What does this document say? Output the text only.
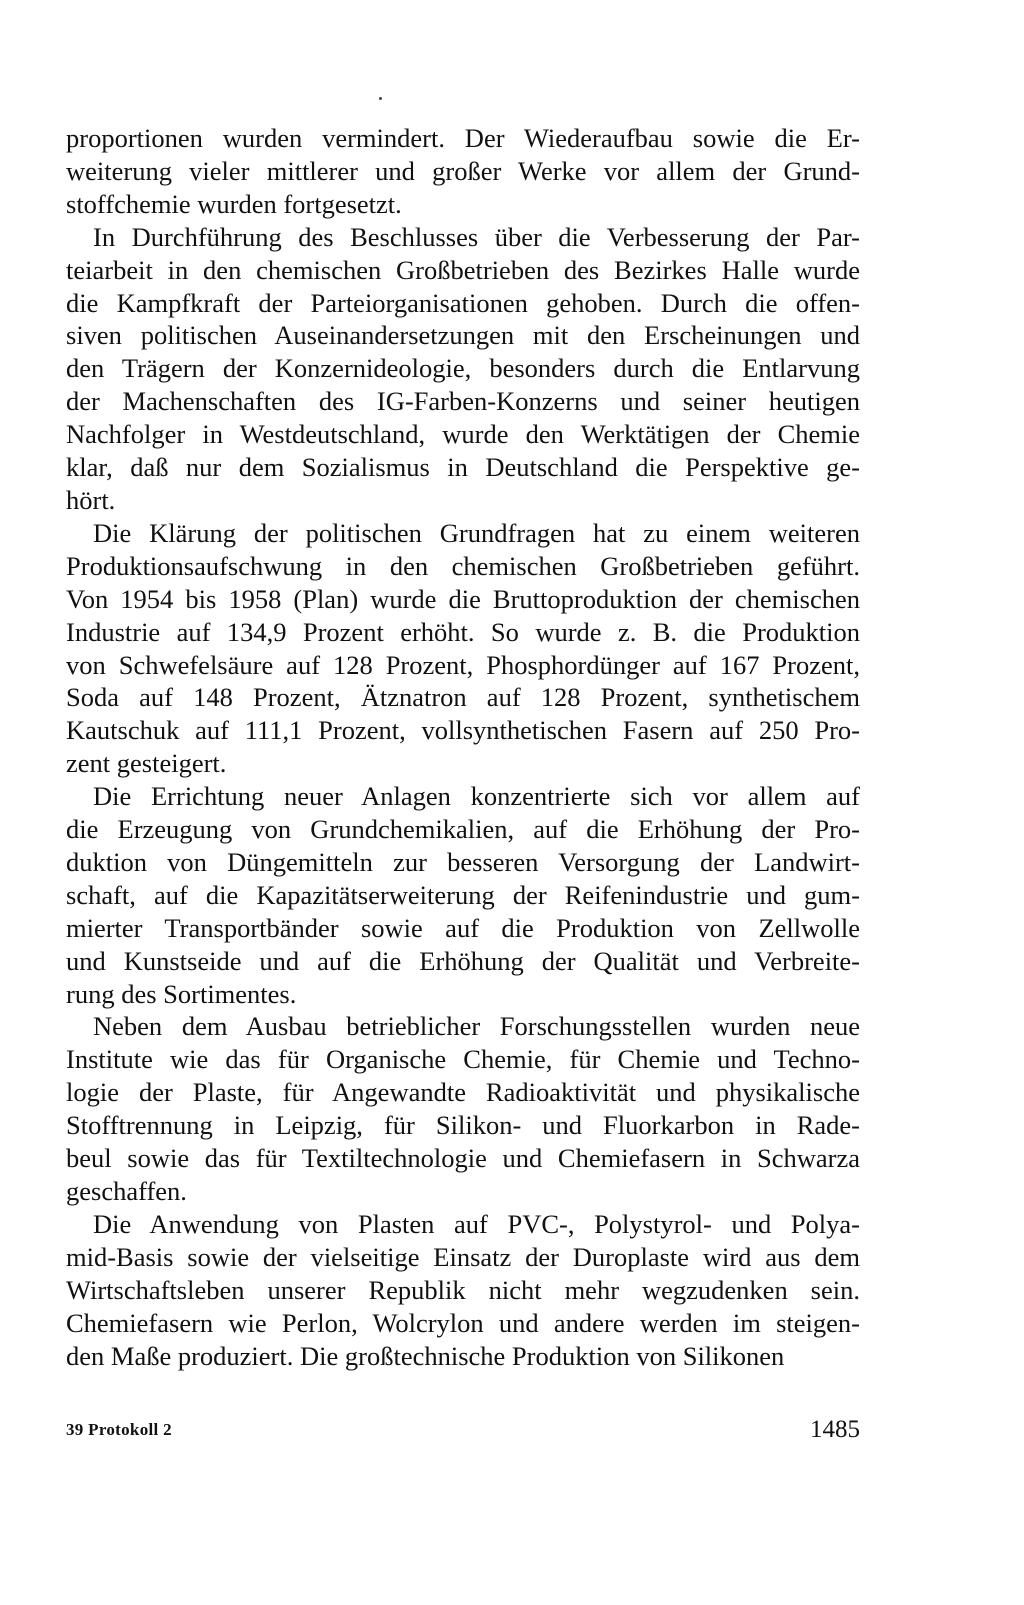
proportionen wurden vermindert. Der Wiederaufbau sowie die Er-
weiterung vieler mittlerer und großer Werke vor allem der Grund-
stoffchemie wurden fortgesetzt.

In Durchführung des Beschlusses über die Verbesserung der Par-
teiarbeit in den chemischen Großbetrieben des Bezirkes Halle wurde
die Kampfkraft der Parteiorganisationen gehoben. Durch die offen-
siven politischen Auseinandersetzungen mit den Erscheinungen und
den Trägern der Konzernideologie, besonders durch die Entlarvung
der Machenschaften des IG-Farben-Konzerns und seiner heutigen
Nachfolger in Westdeutschland, wurde den Werktätigen der Chemie
klar, daß nur dem Sozialismus in Deutschland die Perspektive ge-
hört.

Die Klärung der politischen Grundfragen hat zu einem weiteren
Produktionsaufschwung in den chemischen Großbetrieben geführt.
Von 1954 bis 1958 (Plan) wurde die Bruttoproduktion der chemischen
Industrie auf 134,9 Prozent erhöht. So wurde z. B. die Produktion
von Schwefelsäure auf 128 Prozent, Phosphordünger auf 167 Prozent,
Soda auf 148 Prozent, Ätznatron auf 128 Prozent, synthetischem
Kautschuk auf 111,1 Prozent, vollsynthetischen Fasern auf 250 Pro-
zent gesteigert.

Die Errichtung neuer Anlagen konzentrierte sich vor allem auf
die Erzeugung von Grundchemikalien, auf die Erhöhung der Pro-
duktion von Düngemitteln zur besseren Versorgung der Landwirt-
schaft, auf die Kapazitätserweiterung der Reifenindustrie und gum-
mierter Transportbänder sowie auf die Produktion von Zellwolle
und Kunstseide und auf die Erhöhung der Qualität und Verbreite-
rung des Sortimentes.

Neben dem Ausbau betrieblicher Forschungsstellen wurden neue
Institute wie das für Organische Chemie, für Chemie und Techno-
logie der Plaste, für Angewandte Radioaktivität und physikalische
Stofftrennung in Leipzig, für Silikon- und Fluorkarbon in Rade-
beul sowie das für Textiltechnologie und Chemiefasern in Schwarza
geschaffen.

Die Anwendung von Plasten auf PVC-, Polystyrol- und Polya-
mid-Basis sowie der vielseitige Einsatz der Duroplaste wird aus dem
Wirtschaftsleben unserer Republik nicht mehr wegzudenken sein.
Chemiefasern wie Perlon, Wolcrylon und andere werden im steigen-
den Maße produziert. Die großtechnische Produktion von Silikonen

39 Protokoll 2	1485
